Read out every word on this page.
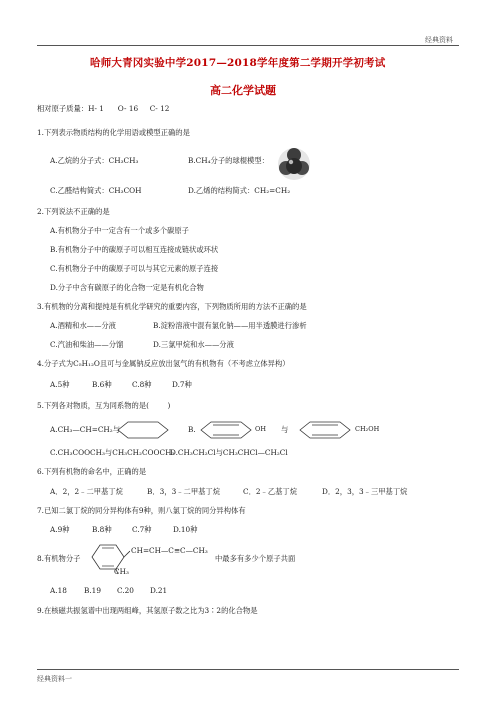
经典资料
哈师大青冈实验中学2017—2018学年度第二学期开学初考试
高二化学试题
相对原子质量：H- 1      O- 16     C- 12
1.下列表示物质结构的化学用语或模型正确的是
A.乙烷的分子式：CH₃CH₃	B.CH₄分子的球棍模型：
C.乙醛结构简式：CH₃COH	D.乙烯的结构简式：CH₂=CH₂
2.下列说法不正确的是
A.有机物分子中一定含有一个或多个碳原子
B.有机物分子中的碳原子可以相互连接成链状或环状
C.有机物分子中的碳原子可以与其它元素的原子连接
D.分子中含有碳原子的化合物一定是有机化合物
3.有机物的分离和提纯是有机化学研究的重要内容，下列物质所用的方法不正确的是
A.酒精和水——分液	B.淀粉溶液中混有氯化钠——用半透膜进行渗析
C.汽油和柴油——分馏	D.三氯甲烷和水——分液
4.分子式为C₅H₁₂O且可与金属钠反应放出氢气的有机物有（不考虑立体异构）
A.5种	B.6种	C.8种	D.7种
5.下列各对物质，互为同系物的是(        )
A.CH₃—CH=CH₂与	B.	OH 与	CH₂OH
C.CH₃COOCH₃与CH₃CH₂COOCH₃
D.CH₃CH₂Cl与CH₃CHCl—CH₂Cl
6.下列有机物的命名中，正确的是
A．2，2﹣二甲基丁烷	B．3，3﹣二甲基丁烷	C．2﹣乙基丁烷	D．2，3，3﹣三甲基丁烷
7.已知二氯丁烷的同分异构体有9种，则八氯丁烷的同分异构体有
A.9种	B.8种	C.7种	D.10种
8.有机物分子
CH=CH—C≡C—CH₃
CH₃
中最多有多少个原子共面
A.18 B.19 C.20 D.21
9.在核磁共振氢谱中出现两组峰，其氢原子数之比为3∶2的化合物是
经典资料一
